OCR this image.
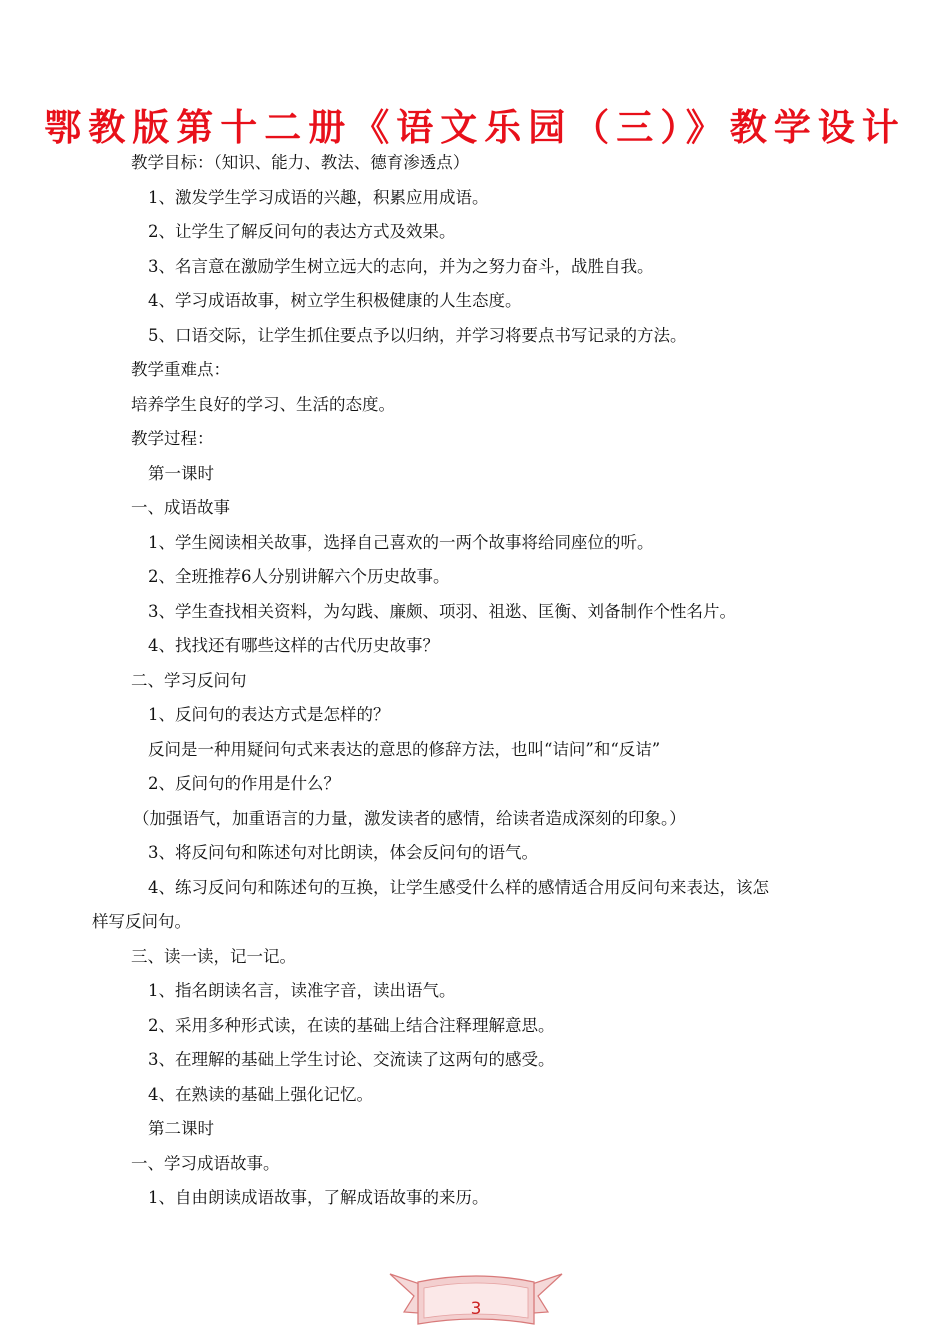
鄂教版第十二册《语文乐园（三）》教学设计
教学目标：（知识、能力、教法、德育渗透点）
1、激发学生学习成语的兴趣，积累应用成语。
2、让学生了解反问句的表达方式及效果。
3、名言意在激励学生树立远大的志向，并为之努力奋斗，战胜自我。
4、学习成语故事，树立学生积极健康的人生态度。
5、口语交际，让学生抓住要点予以归纳，并学习将要点书写记录的方法。
教学重难点：
培养学生良好的学习、生活的态度。
教学过程：
第一课时
一、成语故事
1、学生阅读相关故事，选择自己喜欢的一两个故事将给同座位的听。
2、全班推荐6人分别讲解六个历史故事。
3、学生查找相关资料，为勾践、廉颇、项羽、祖逖、匡衡、刘备制作个性名片。
4、找找还有哪些这样的古代历史故事？
二、学习反问句
1、反问句的表达方式是怎样的？
反问是一种用疑问句式来表达的意思的修辞方法，也叫“诘问”和“反诘”
2、反问句的作用是什么？
（加强语气，加重语言的力量，激发读者的感情，给读者造成深刻的印象。）
3、将反问句和陈述句对比朗读，体会反问句的语气。
4、练习反问句和陈述句的互换，让学生感受什么样的感情适合用反问句来表达，该怎
样写反问句。
三、读一读，记一记。
1、指名朗读名言，读准字音，读出语气。
2、采用多种形式读，在读的基础上结合注释理解意思。
3、在理解的基础上学生讨论、交流读了这两句的感受。
4、在熟读的基础上强化记忆。
第二课时
一、学习成语故事。
1、自由朗读成语故事，了解成语故事的来历。
3
